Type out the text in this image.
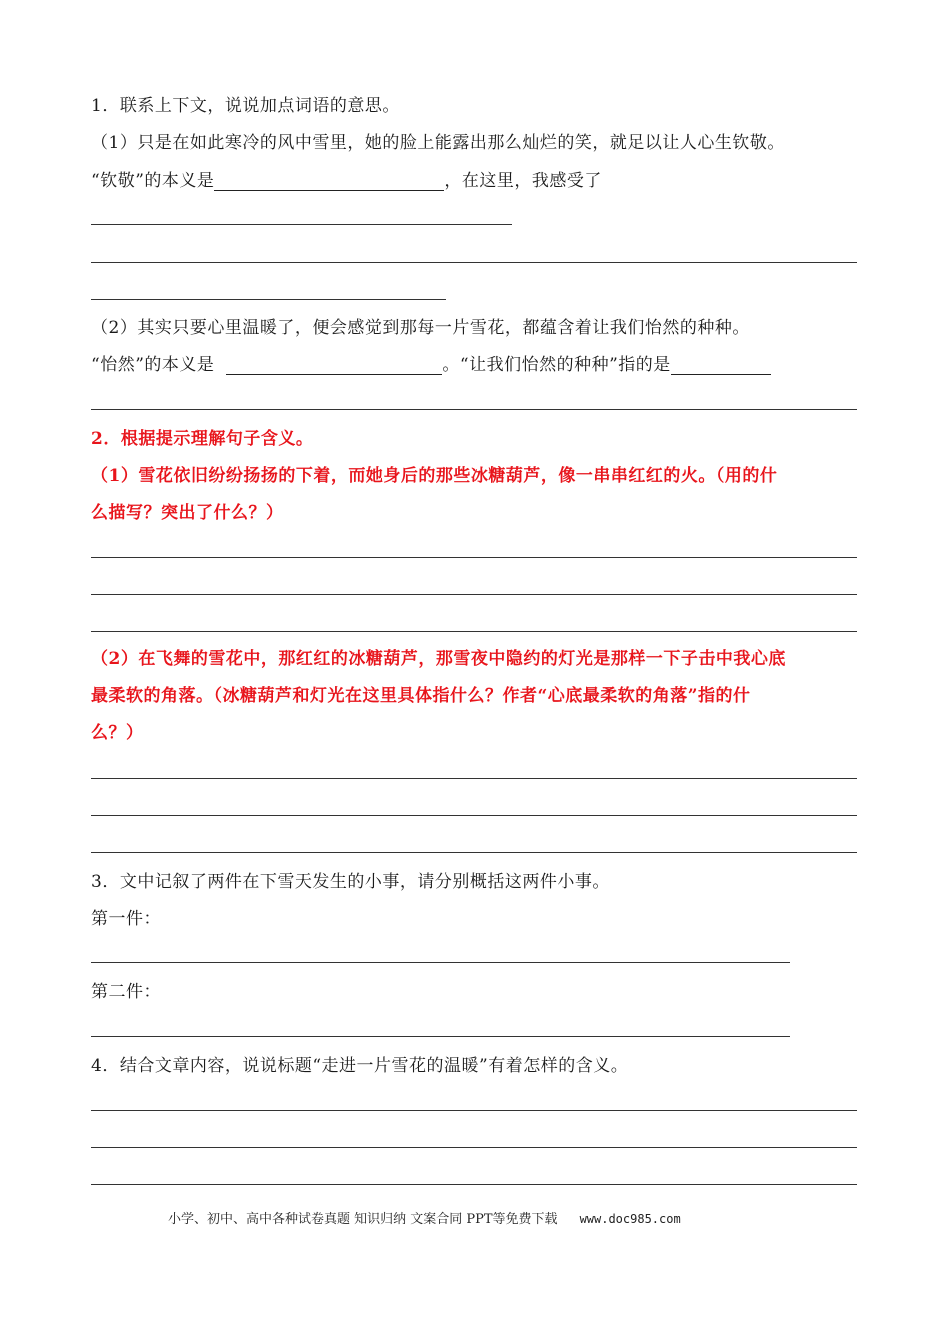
1．联系上下文，说说加点词语的意思。
（1）只是在如此寒冷的风中雪里，她的脸上能露出那么灿烂的笑，就足以让人心生钦敬。
“钦敬”的本义是	，在这里，我感受了
（2）其实只要心里温暖了，便会感觉到那每一片雪花，都蕴含着让我们怡然的种种。
“怡然”的本义是	。“让我们怡然的种种”指的是
2．根据提示理解句子含义。
（1）雪花依旧纷纷扬扬的下着，而她身后的那些冰糖葫芦，像一串串红红的火。（用的什
么描写？突出了什么？）
（2）在飞舞的雪花中，那红红的冰糖葫芦，那雪夜中隐约的灯光是那样一下子击中我心底
最柔软的角落。（冰糖葫芦和灯光在这里具体指什么？作者“心底最柔软的角落”指的什
么？）
3．文中记叙了两件在下雪天发生的小事，请分别概括这两件小事。
第一件：
第二件：
4．结合文章内容，说说标题“走进一片雪花的温暖”有着怎样的含义。
小学、初中、高中各种试卷真题 知识归纳 文案合同 PPT等免费下载 www.doc985.com
